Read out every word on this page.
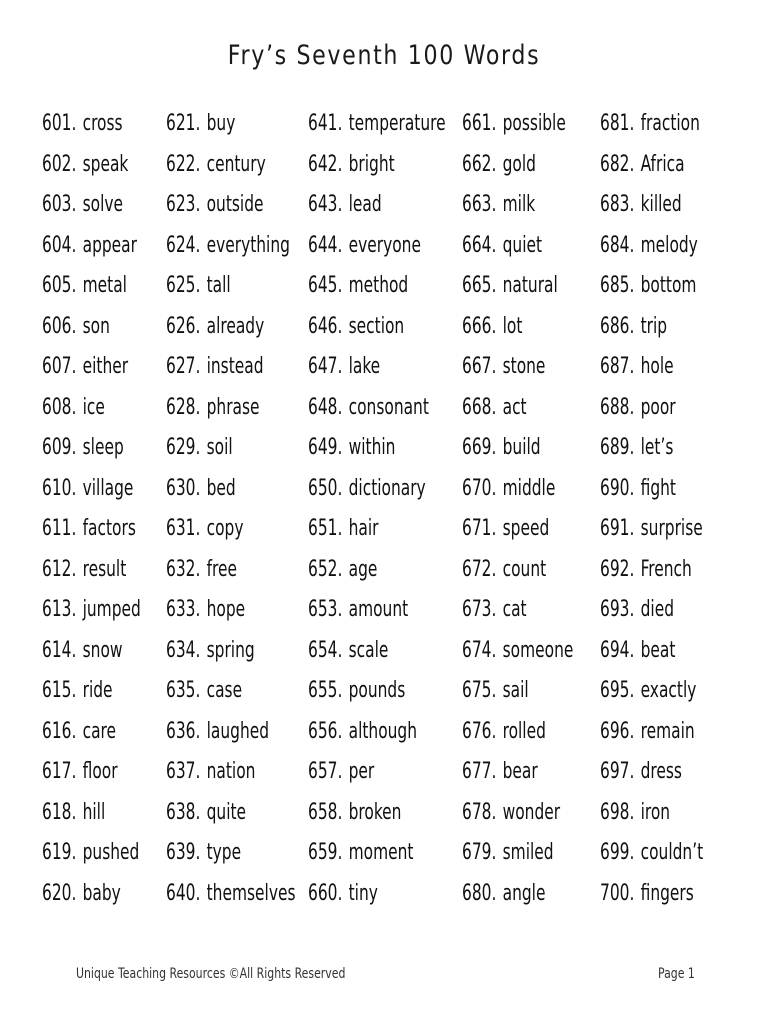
Fry’s Seventh 100 Words
601. cross
602. speak
603. solve
604. appear
605. metal
606. son
607. either
608. ice
609. sleep
610. village
611. factors
612. result
613. jumped
614. snow
615. ride
616. care
617. floor
618. hill
619. pushed
620. baby
621. buy
622. century
623. outside
624. everything
625. tall
626. already
627. instead
628. phrase
629. soil
630. bed
631. copy
632. free
633. hope
634. spring
635. case
636. laughed
637. nation
638. quite
639. type
640. themselves
641. temperature
642. bright
643. lead
644. everyone
645. method
646. section
647. lake
648. consonant
649. within
650. dictionary
651. hair
652. age
653. amount
654. scale
655. pounds
656. although
657. per
658. broken
659. moment
660. tiny
661. possible
662. gold
663. milk
664. quiet
665. natural
666. lot
667. stone
668. act
669. build
670. middle
671. speed
672. count
673. cat
674. someone
675. sail
676. rolled
677. bear
678. wonder
679. smiled
680. angle
681. fraction
682. Africa
683. killed
684. melody
685. bottom
686. trip
687. hole
688. poor
689. let’s
690. fight
691. surprise
692. French
693. died
694. beat
695. exactly
696. remain
697. dress
698. iron
699. couldn’t
700. fingers
Unique Teaching Resources ©All Rights Reserved	Page 1
